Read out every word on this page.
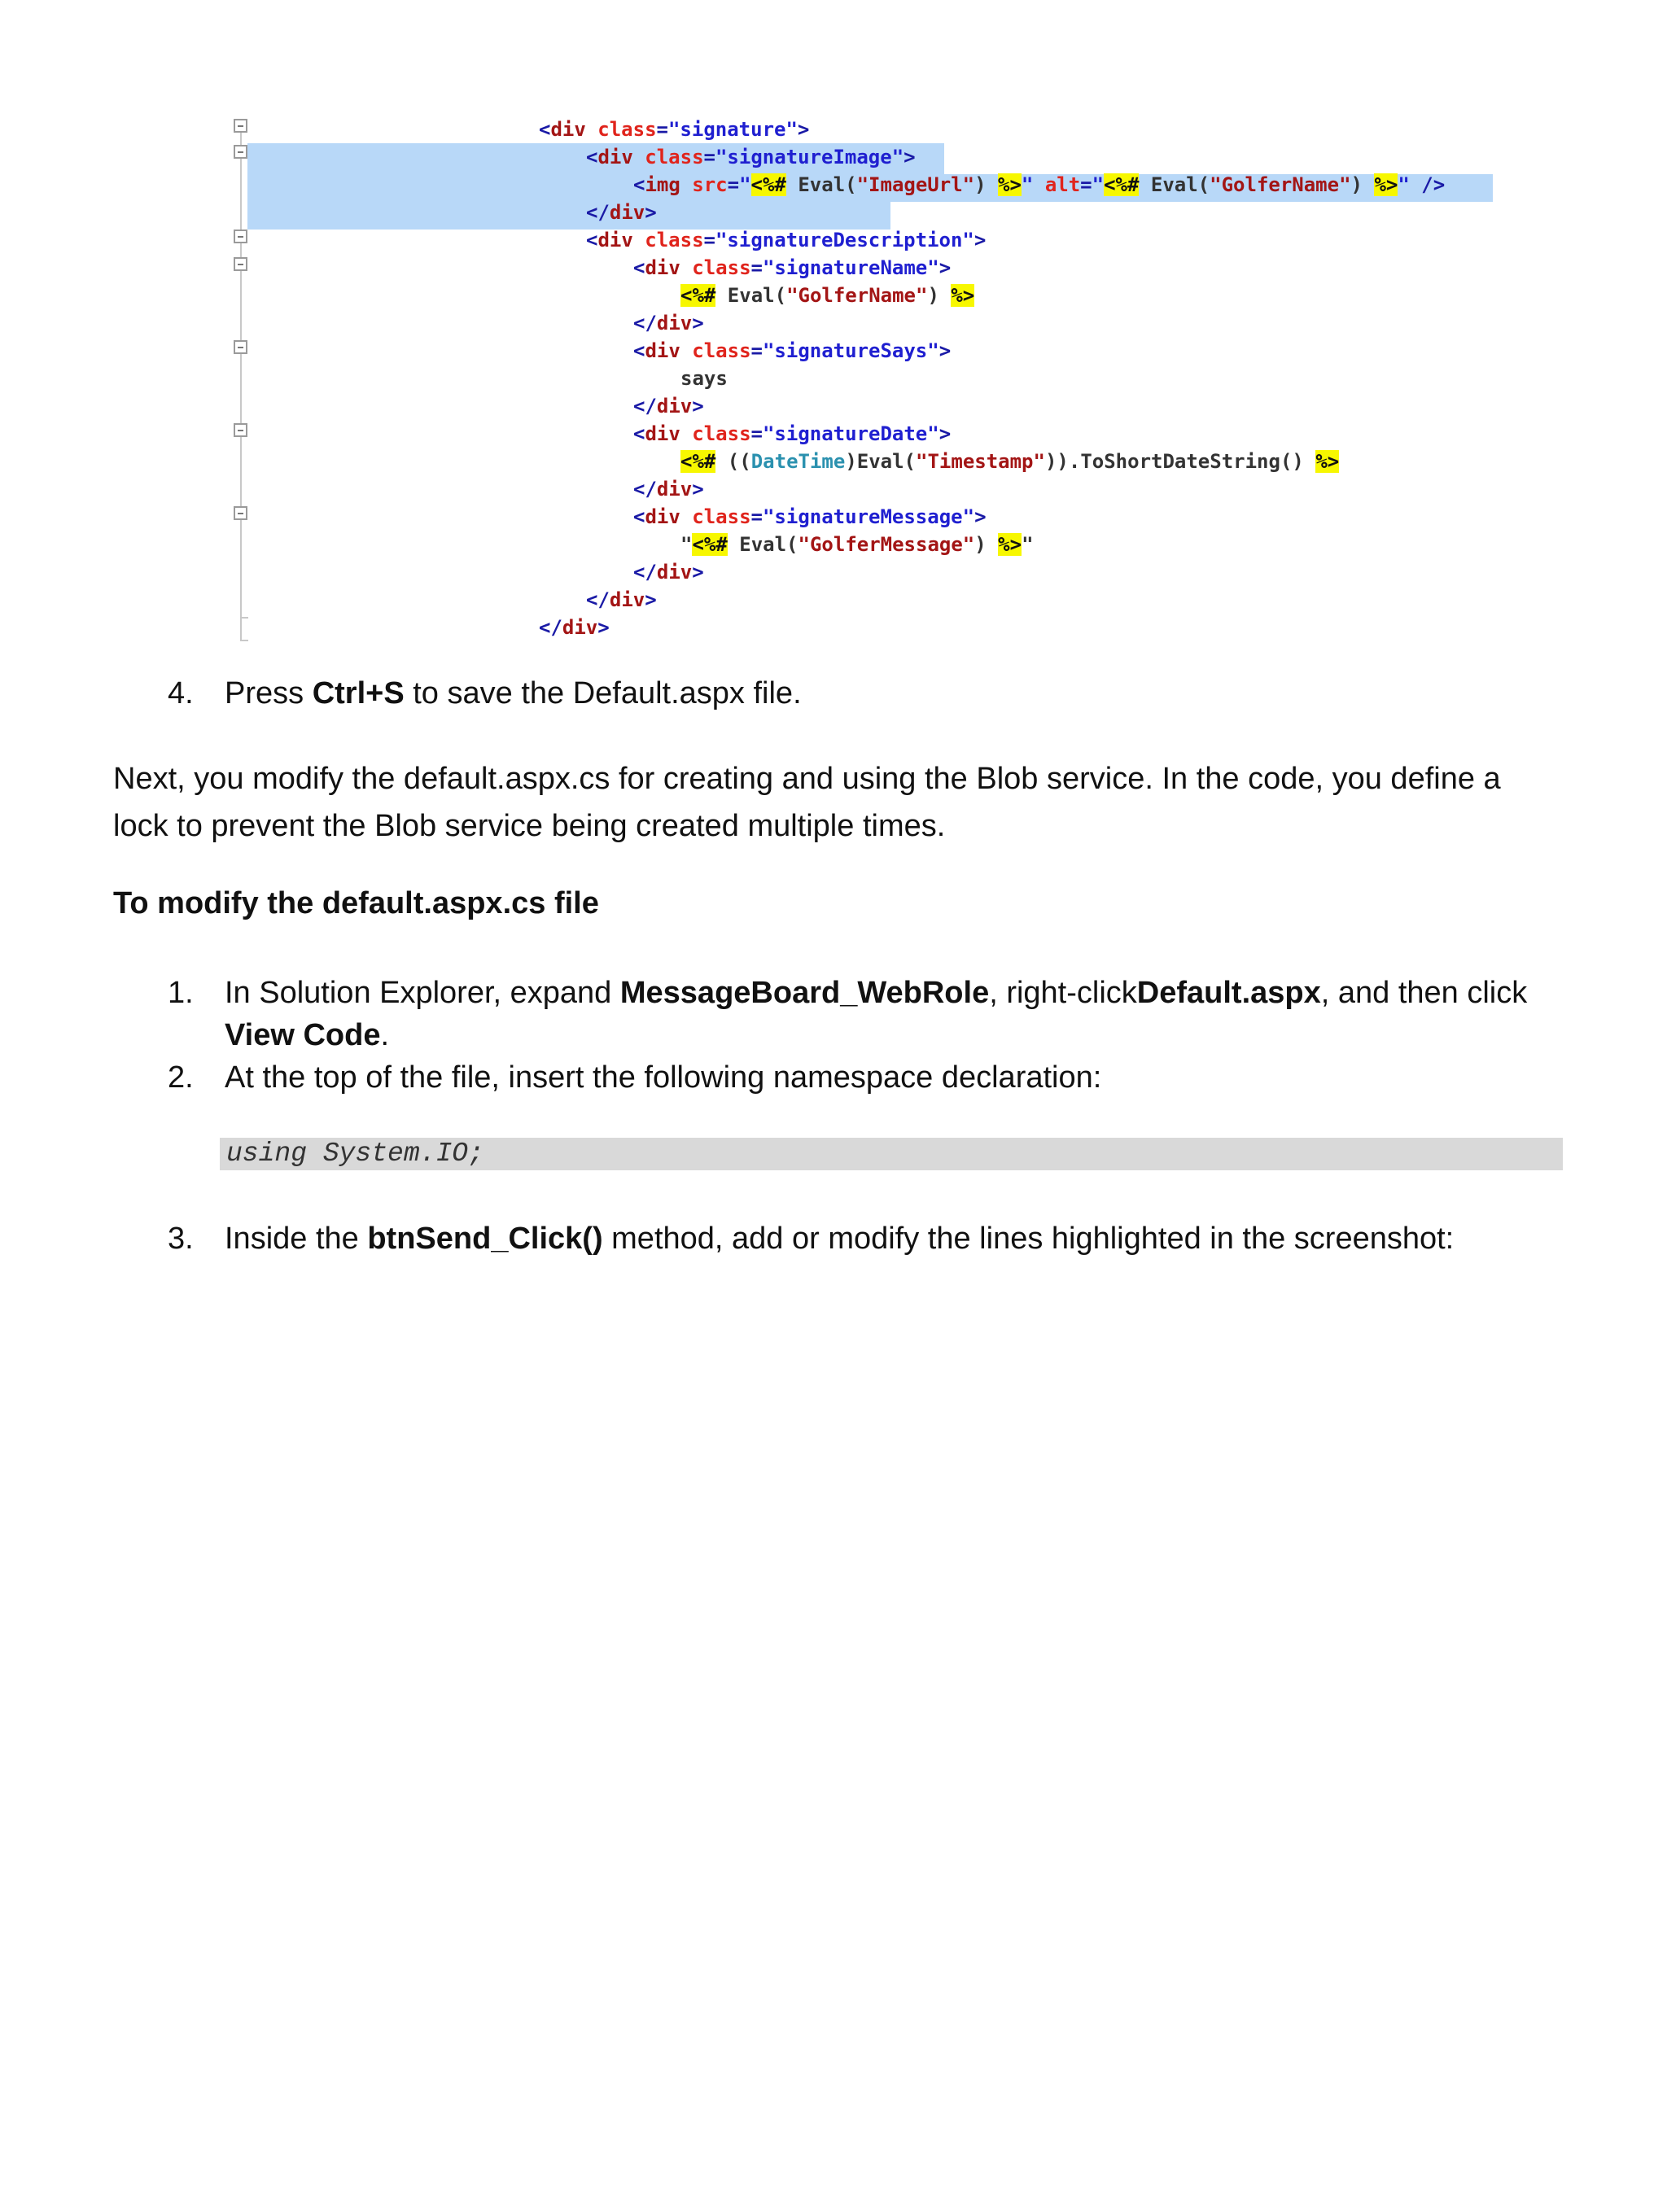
<div class="signature">
<div class="signatureImage">
<img src="<%# Eval("ImageUrl") %>" alt="<%# Eval("GolferName") %>" />
</div>
<div class="signatureDescription">
<div class="signatureName">
<%# Eval("GolferName") %>
</div>
<div class="signatureSays">
says
</div>
<div class="signatureDate">
<%# ((DateTime)Eval("Timestamp")).ToShortDateString() %>
</div>
<div class="signatureMessage">
"<%# Eval("GolferMessage") %>"
</div>
</div>
</div>
4. Press Ctrl+S to save the Default.aspx file.
Next, you modify the default.aspx.cs for creating and using the Blob service. In the code, you define a
lock to prevent the Blob service being created multiple times.
To modify the default.aspx.cs file
1. In Solution Explorer, expand MessageBoard_WebRole, right-clickDefault.aspx, and then click
View Code.
2. At the top of the file, insert the following namespace declaration:
using System.IO;
3. Inside the btnSend_Click() method, add or modify the lines highlighted in the screenshot:
